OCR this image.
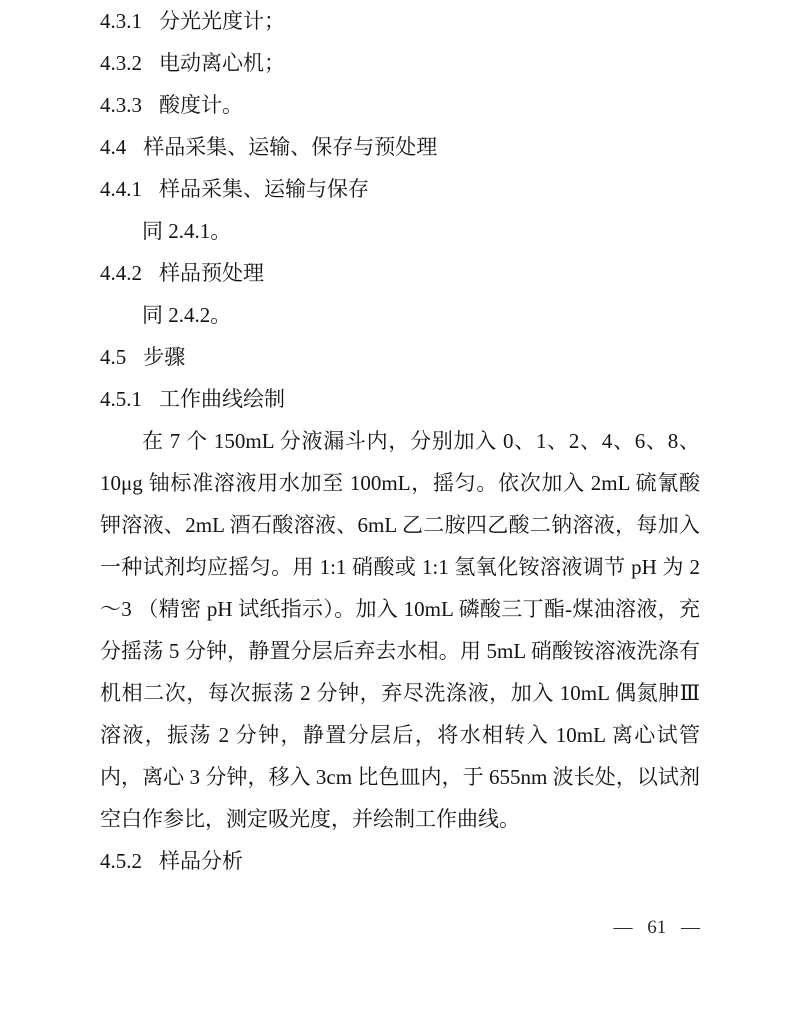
4.3.1 分光光度计；
4.3.2 电动离心机；
4.3.3 酸度计。
4.4 样品采集、运输、保存与预处理
4.4.1 样品采集、运输与保存
同 2.4.1。
4.4.2 样品预处理
同 2.4.2。
4.5 步骤
4.5.1 工作曲线绘制

在 7 个 150mL 分液漏斗内，分别加入 0、1、2、4、6、8、10μg 铀标准溶液用水加至 100mL，摇匀。依次加入 2mL 硫氰酸钾溶液、2mL 酒石酸溶液、6mL 乙二胺四乙酸二钠溶液，每加入一种试剂均应摇匀。用 1:1 硝酸或 1:1 氢氧化铵溶液调节 pH 为 2～3 （精密 pH 试纸指示）。加入 10mL 磷酸三丁酯-煤油溶液，充分摇荡 5 分钟，静置分层后弃去水相。用 5mL 硝酸铵溶液洗涤有机相二次，每次振荡 2 分钟，弃尽洗涤液，加入 10mL 偶氮胂Ⅲ溶液，振荡 2 分钟，静置分层后，将水相转入 10mL 离心试管内，离心 3 分钟，移入 3cm 比色皿内，于 655nm 波长处，以试剂空白作参比，测定吸光度，并绘制工作曲线。

4.5.2 样品分析
— 61 —
